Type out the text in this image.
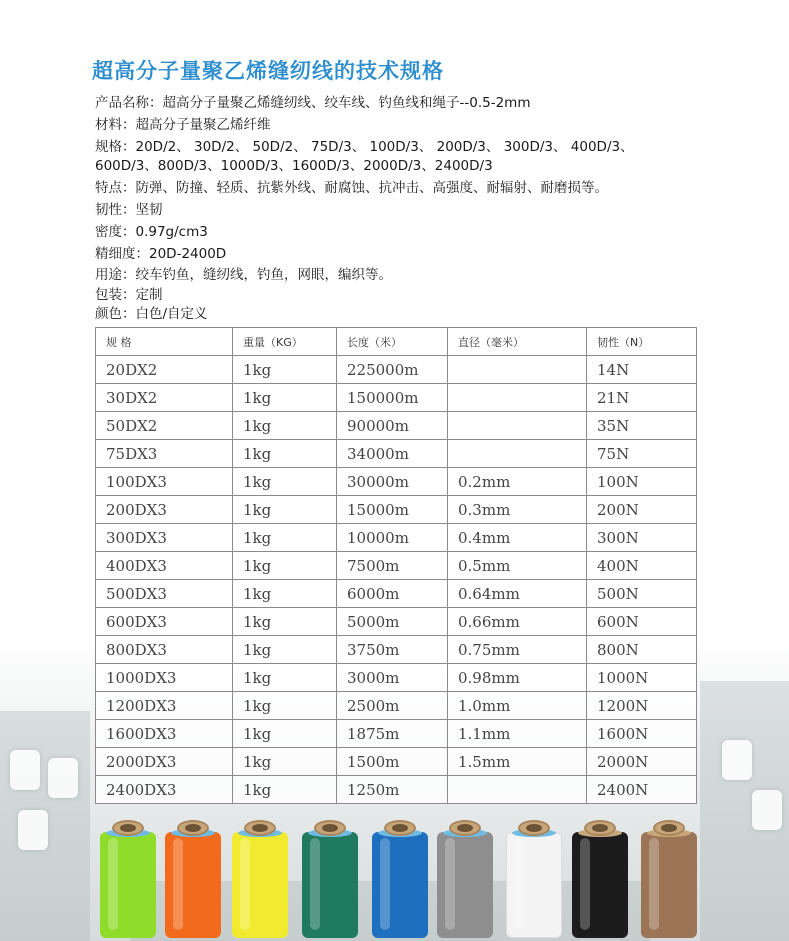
超高分子量聚乙烯缝纫线的技术规格
产品名称：超高分子量聚乙烯缝纫线、绞车线、钓鱼线和绳子--0.5-2mm
材料：超高分子量聚乙烯纤维
规格：20D/2、 30D/2、 50D/2、 75D/3、 100D/3、 200D/3、 300D/3、 400D/3、
600D/3、800D/3、1000D/3、1600D/3、2000D/3、2400D/3
特点：防弹、防撞、轻质、抗紫外线、耐腐蚀、抗冲击、高强度、耐辐射、耐磨损等。
韧性：坚韧
密度：0.97g/cm3
精细度：20D-2400D
用途：绞车钓鱼，缝纫线，钓鱼，网眼，编织等。
包装：定制
颜色：白色/自定义
规 格	重量（KG）	长度（米）	直径（毫米）	韧性（N）
20DX2	1kg	225000m		14N
30DX2	1kg	150000m		21N
50DX2	1kg	90000m		35N
75DX3	1kg	34000m		75N
100DX3	1kg	30000m	0.2mm	100N
200DX3	1kg	15000m	0.3mm	200N
300DX3	1kg	10000m	0.4mm	300N
400DX3	1kg	7500m	0.5mm	400N
500DX3	1kg	6000m	0.64mm	500N
600DX3	1kg	5000m	0.66mm	600N
800DX3	1kg	3750m	0.75mm	800N
1000DX3	1kg	3000m	0.98mm	1000N
1200DX3	1kg	2500m	1.0mm	1200N
1600DX3	1kg	1875m	1.1mm	1600N
2000DX3	1kg	1500m	1.5mm	2000N
2400DX3	1kg	1250m		2400N
